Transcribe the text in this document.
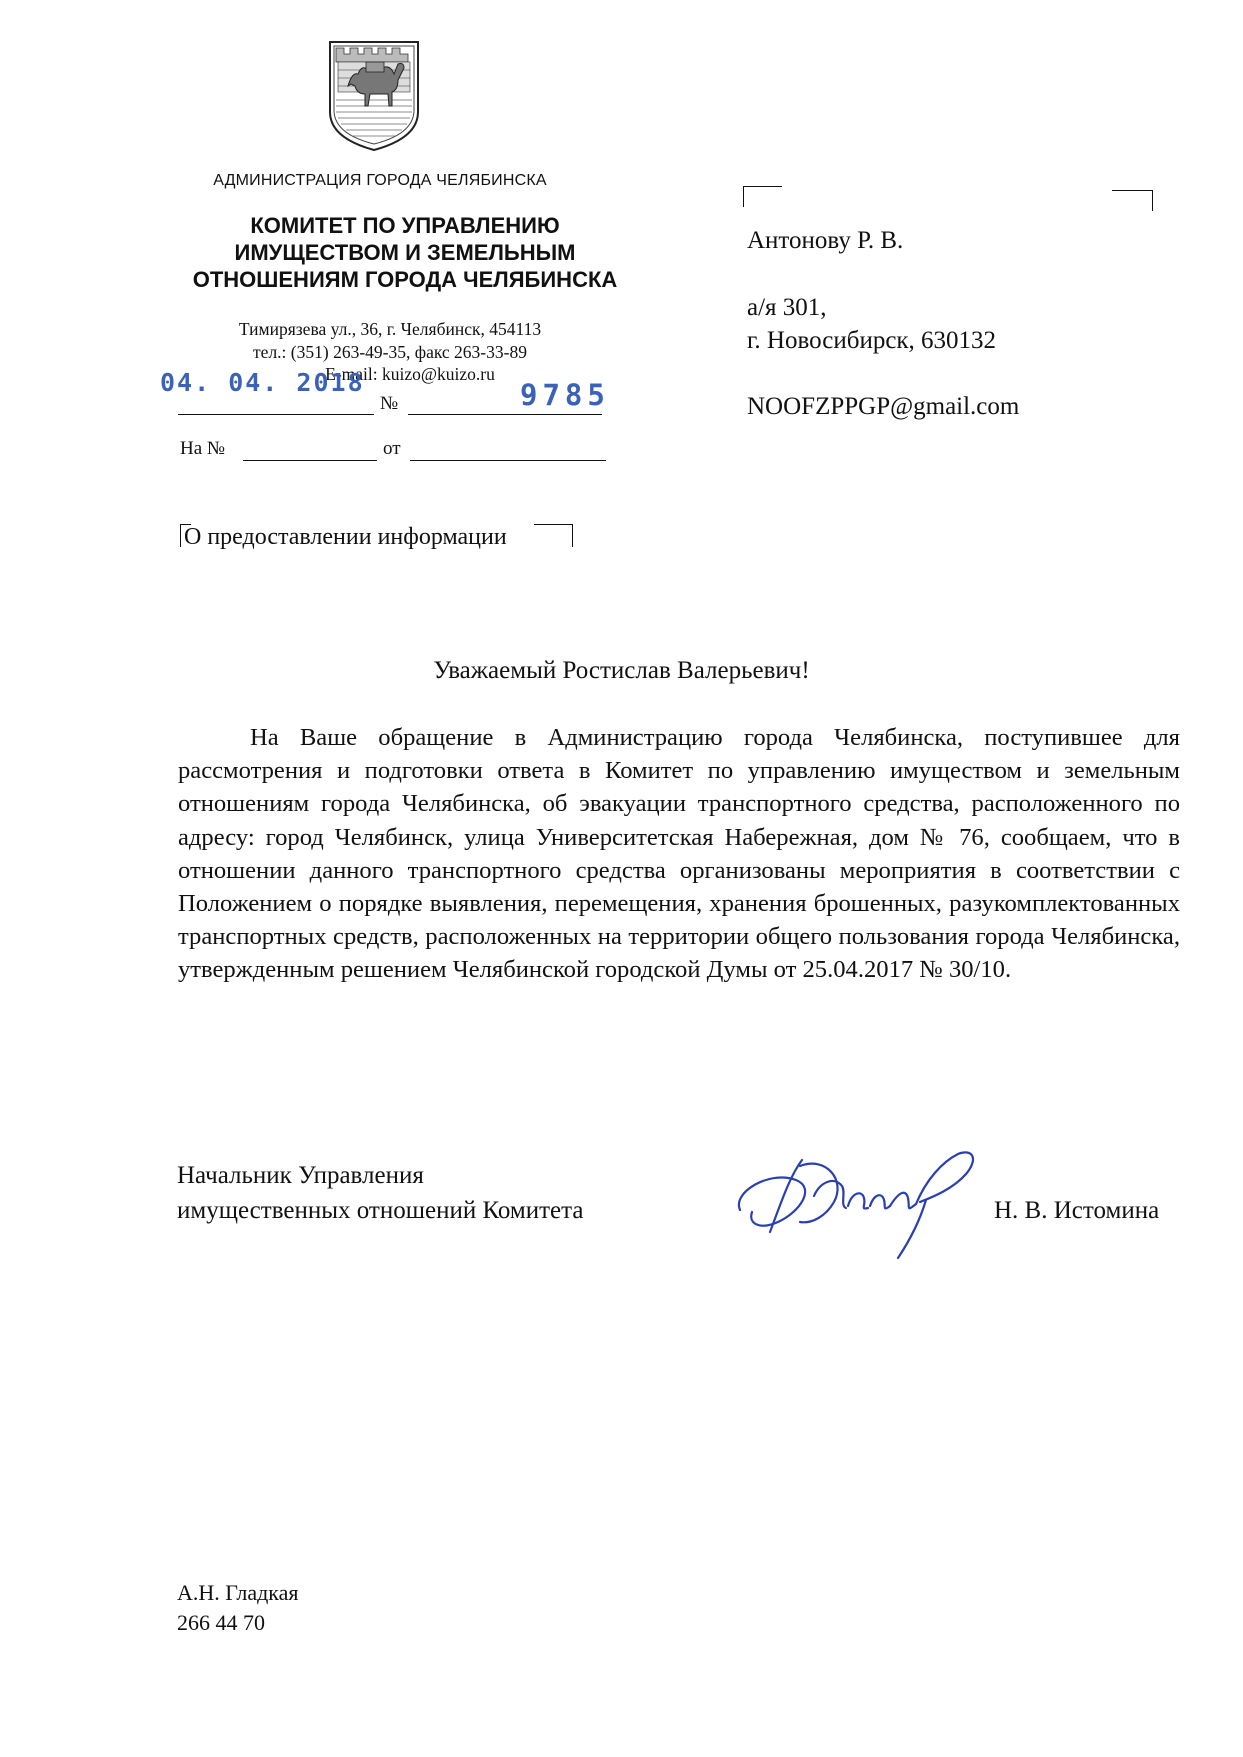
АДМИНИСТРАЦИЯ ГОРОДА ЧЕЛЯБИНСКА
КОМИТЕТ ПО УПРАВЛЕНИЮ
ИМУЩЕСТВОМ И ЗЕМЕЛЬНЫМ
ОТНОШЕНИЯМ ГОРОДА ЧЕЛЯБИНСКА
Тимирязева ул., 36, г. Челябинск, 454113
тел.: (351) 263-49-35, факс 263-33-89
E-mail: kuizo@kuizo.ru
04. 04. 2018
№	9785
На №	от
Антонову Р. В.
а/я 301,
г. Новосибирск, 630132
NOOFZPPGP@gmail.com
О предоставлении информации
Уважаемый Ростислав Валерьевич!

На Ваше обращение в Администрацию города Челябинска, поступившее для рассмотрения и подготовки ответа в Комитет по управлению имуществом и земельным отношениям города Челябинска, об эвакуации транспортного средства, расположенного по адресу: город Челябинск, улица Университетская Набережная, дом № 76, сообщаем, что в отношении данного транспортного средства организованы мероприятия в соответствии с Положением о порядке выявления, перемещения, хранения брошенных, разукомплектованных транспортных средств, расположенных на территории общего пользования города Челябинска, утвержденным решением Челябинской городской Думы от 25.04.2017 № 30/10.

Начальник Управления
имущественных отношений Комитета	Н. В. Истомина
А.Н. Гладкая
266 44 70
